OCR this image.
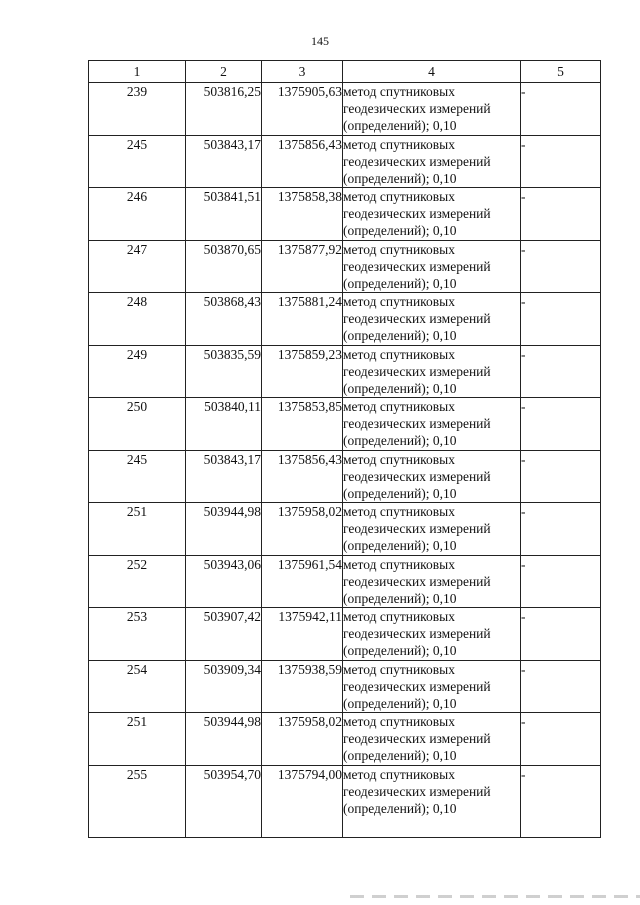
145
1	2	3	4	5
239	503816,25	1375905,63	метод спутниковых геодезических измерений (определений); 0,10	-
245	503843,17	1375856,43	метод спутниковых геодезических измерений (определений); 0,10	-
246	503841,51	1375858,38	метод спутниковых геодезических измерений (определений); 0,10	-
247	503870,65	1375877,92	метод спутниковых геодезических измерений (определений); 0,10	-
248	503868,43	1375881,24	метод спутниковых геодезических измерений (определений); 0,10	-
249	503835,59	1375859,23	метод спутниковых геодезических измерений (определений); 0,10	-
250	503840,11	1375853,85	метод спутниковых геодезических измерений (определений); 0,10	-
245	503843,17	1375856,43	метод спутниковых геодезических измерений (определений); 0,10	-
251	503944,98	1375958,02	метод спутниковых геодезических измерений (определений); 0,10	-
252	503943,06	1375961,54	метод спутниковых геодезических измерений (определений); 0,10	-
253	503907,42	1375942,11	метод спутниковых геодезических измерений (определений); 0,10	-
254	503909,34	1375938,59	метод спутниковых геодезических измерений (определений); 0,10	-
251	503944,98	1375958,02	метод спутниковых геодезических измерений (определений); 0,10	-
255	503954,70	1375794,00	метод спутниковых геодезических измерений (определений); 0,10	-
